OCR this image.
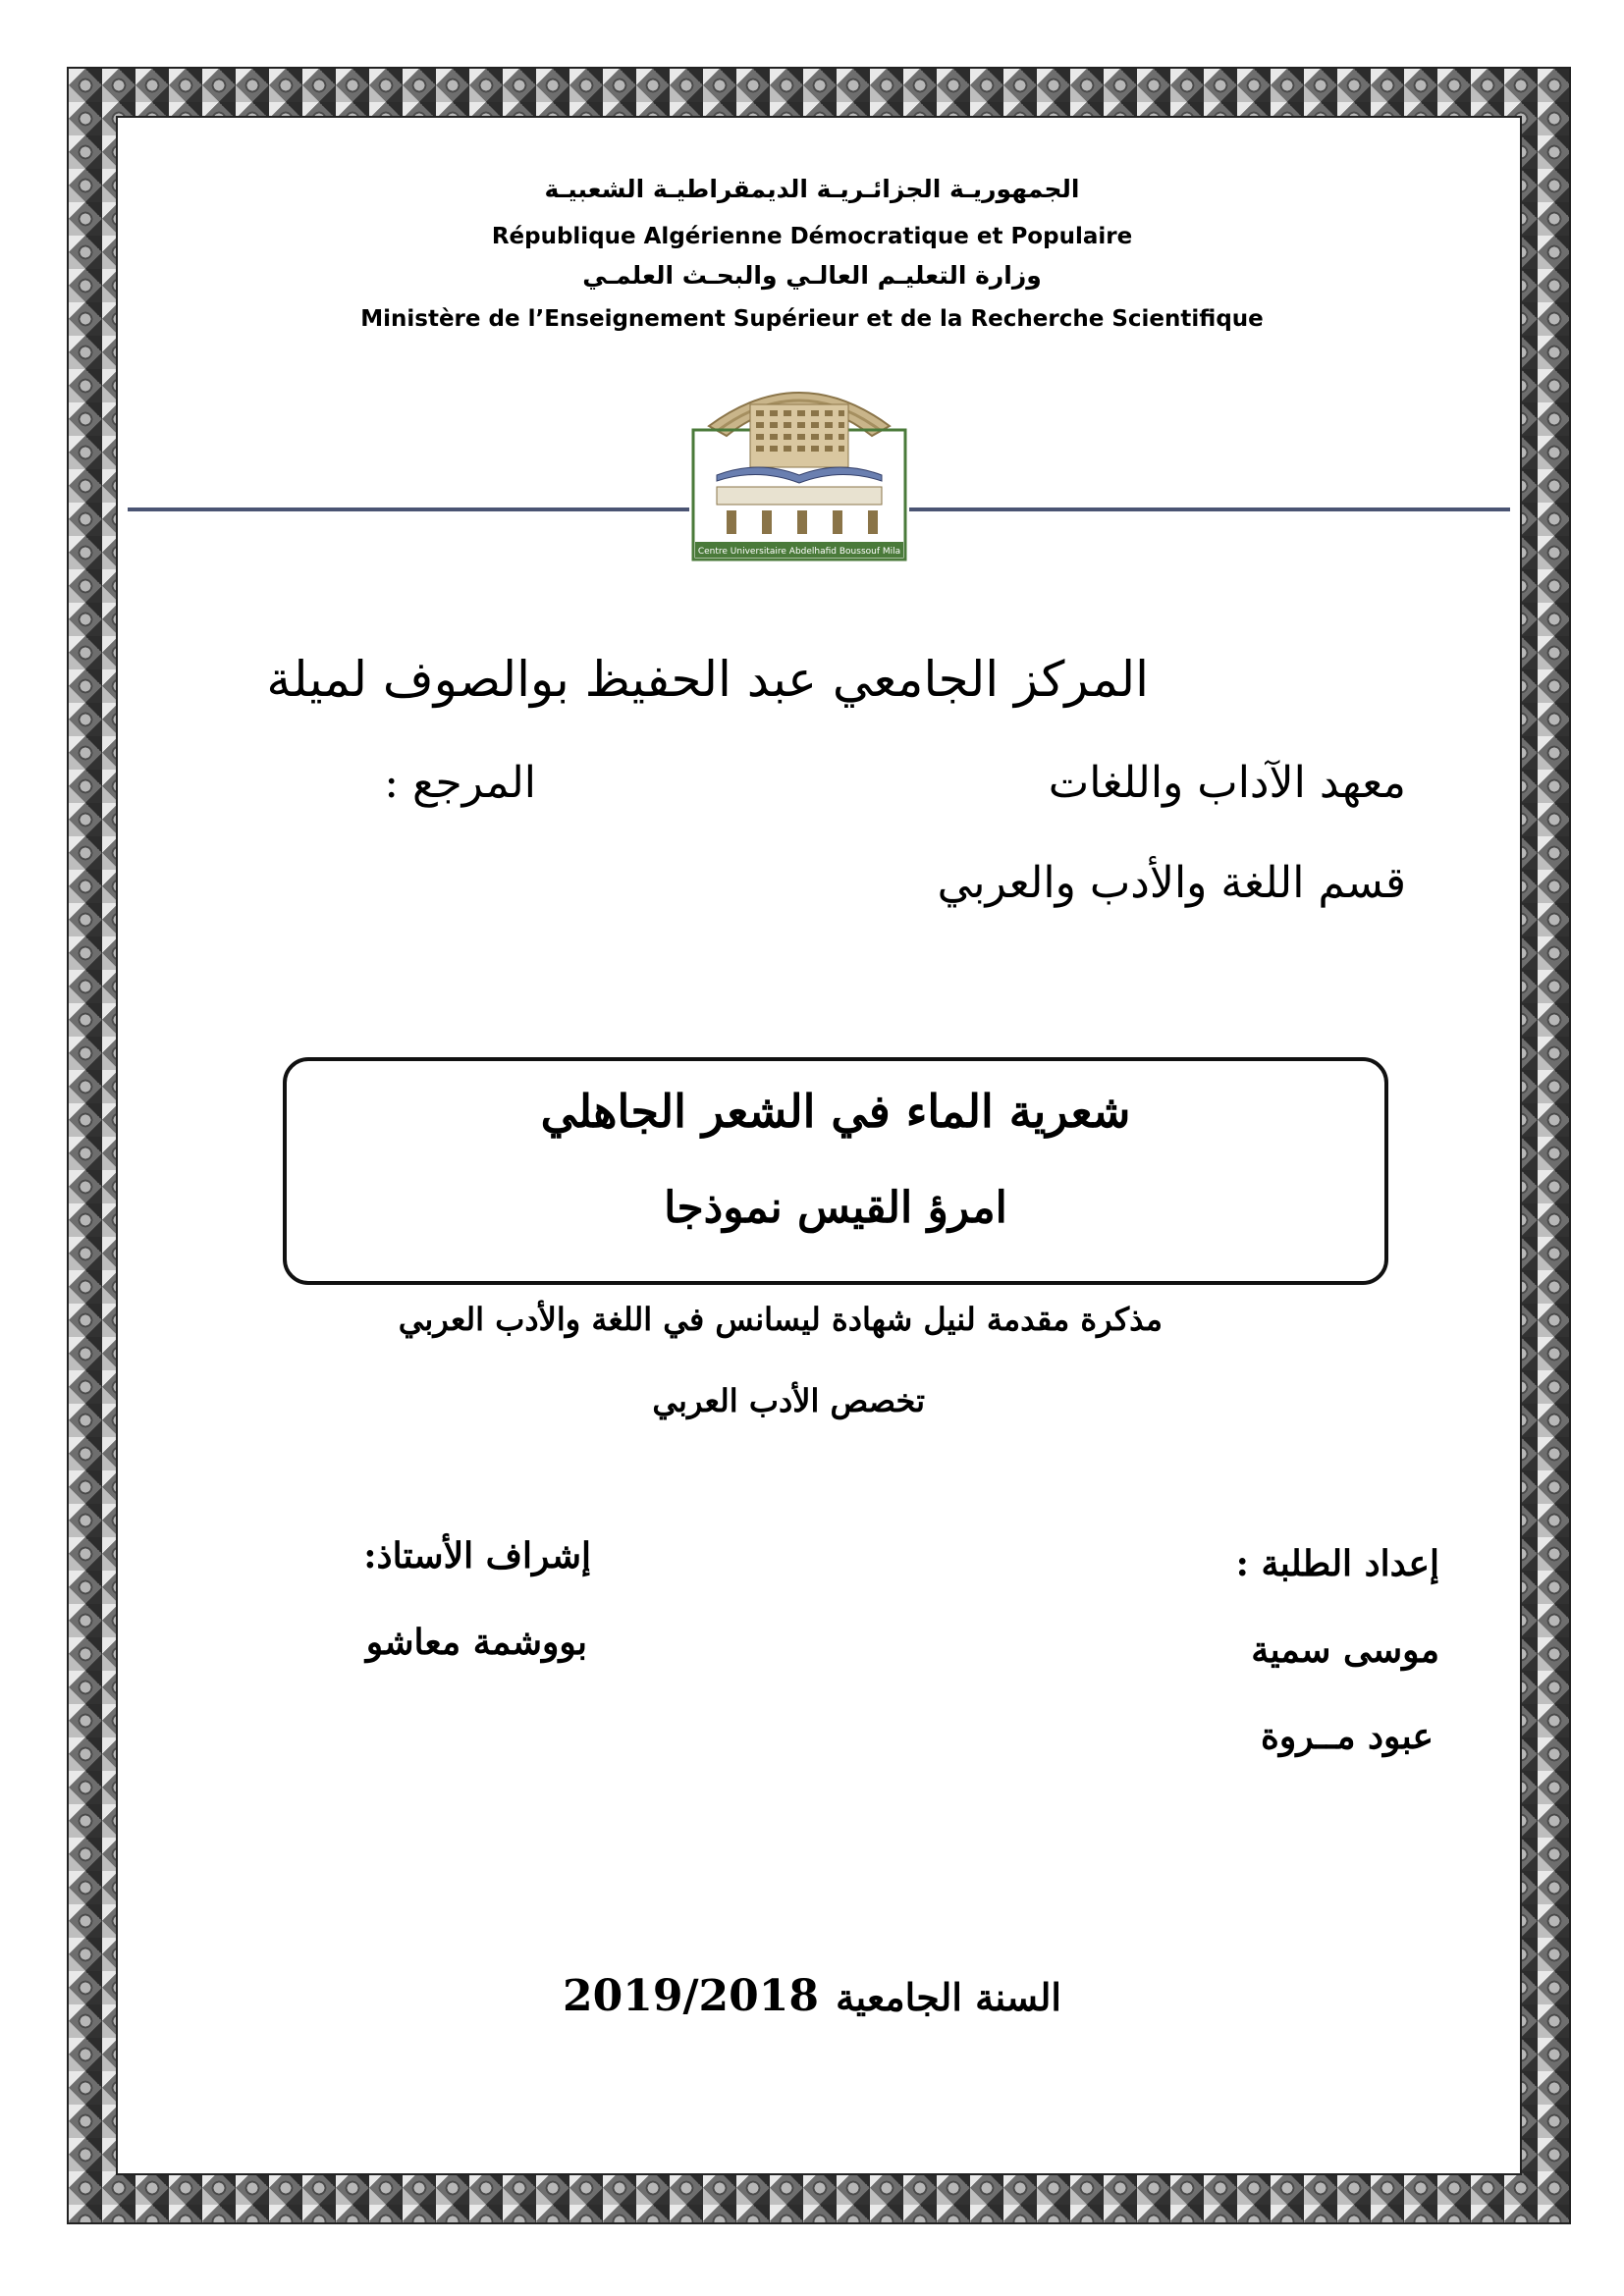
الجمهوريـة الجزائـريـة الديمقراطيـة الشعبيـة

République Algérienne Démocratique et Populaire

وزارة التعليـم العالـي والبحـث العلمـي

Ministère de l’Enseignement Supérieur et de la Recherche Scientifique

Centre Universitaire Abdelhafid Boussouf Mila

المركز الجامعي عبد الحفيظ بوالصوف لميلة

معهد الآداب واللغات

المرجع :

قسم اللغة والأدب والعربي

شعرية الماء في الشعر الجاهلي

امرؤ القيس نموذجا

مذكرة مقدمة لنيل شهادة ليسانس في اللغة والأدب العربي

تخصص الأدب العربي

إعداد الطلبة :

موسى سمية

عبود مــروة

إشراف الأستاذ:

بووشمة معاشو

2019/2018 السنة الجامعية
